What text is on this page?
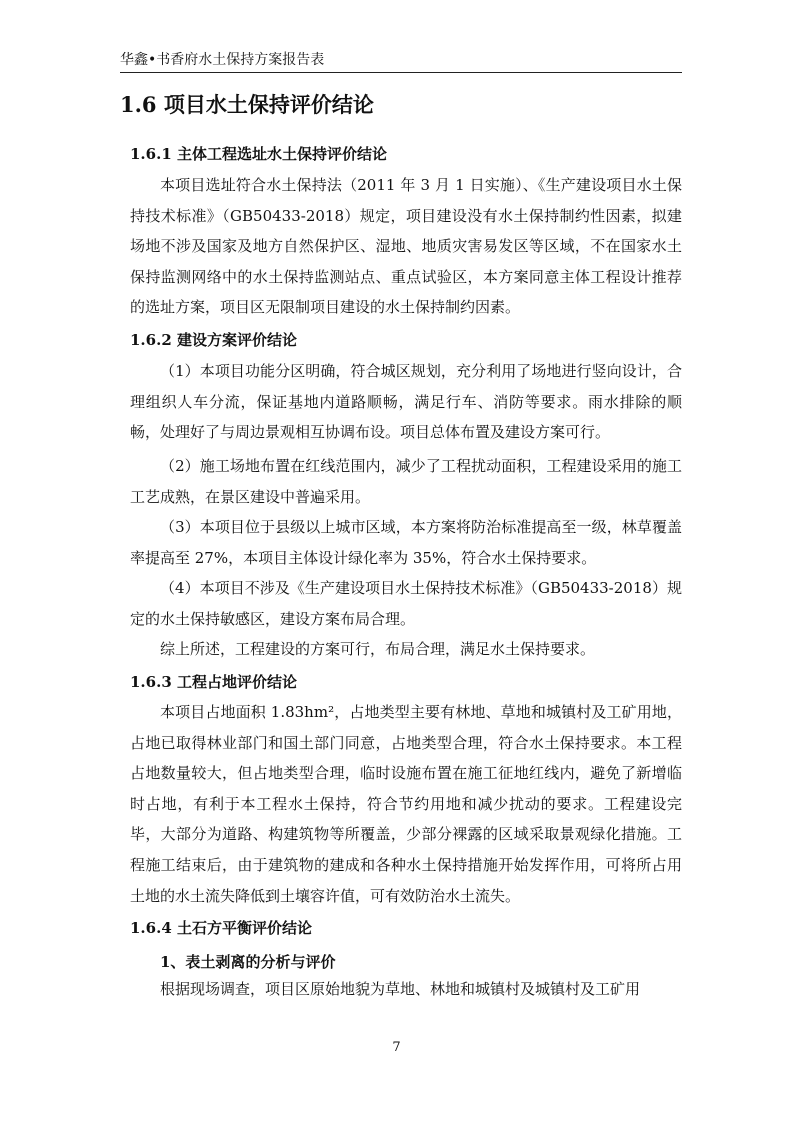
华鑫•书香府水土保持方案报告表
1.6 项目水土保持评价结论
1.6.1 主体工程选址水土保持评价结论

本项目选址符合水土保持法（2011 年 3 月 1 日实施）、《生产建设项目水土保持技术标准》（GB50433-2018）规定，项目建设没有水土保持制约性因素，拟建场地不涉及国家及地方自然保护区、湿地、地质灾害易发区等区域，不在国家水土保持监测网络中的水土保持监测站点、重点试验区，本方案同意主体工程设计推荐的选址方案，项目区无限制项目建设的水土保持制约因素。

1.6.2 建设方案评价结论

（1）本项目功能分区明确，符合城区规划，充分利用了场地进行竖向设计，合理组织人车分流，保证基地内道路顺畅，满足行车、消防等要求。雨水排除的顺畅，处理好了与周边景观相互协调布设。项目总体布置及建设方案可行。

（2）施工场地布置在红线范围内，减少了工程扰动面积，工程建设采用的施工工艺成熟，在景区建设中普遍采用。

（3）本项目位于县级以上城市区域，本方案将防治标准提高至一级，林草覆盖率提高至 27%，本项目主体设计绿化率为 35%，符合水土保持要求。

（4）本项目不涉及《生产建设项目水土保持技术标准》（GB50433-2018）规定的水土保持敏感区，建设方案布局合理。

综上所述，工程建设的方案可行，布局合理，满足水土保持要求。

1.6.3 工程占地评价结论

本项目占地面积 1.83hm²，占地类型主要有林地、草地和城镇村及工矿用地，占地已取得林业部门和国土部门同意，占地类型合理，符合水土保持要求。本工程占地数量较大，但占地类型合理，临时设施布置在施工征地红线内，避免了新增临时占地，有利于本工程水土保持，符合节约用地和减少扰动的要求。工程建设完毕，大部分为道路、构建筑物等所覆盖，少部分裸露的区域采取景观绿化措施。工程施工结束后，由于建筑物的建成和各种水土保持措施开始发挥作用，可将所占用土地的水土流失降低到土壤容许值，可有效防治水土流失。

1.6.4 土石方平衡评价结论
1、表土剥离的分析与评价

根据现场调查，项目区原始地貌为草地、林地和城镇村及城镇村及工矿用

7
